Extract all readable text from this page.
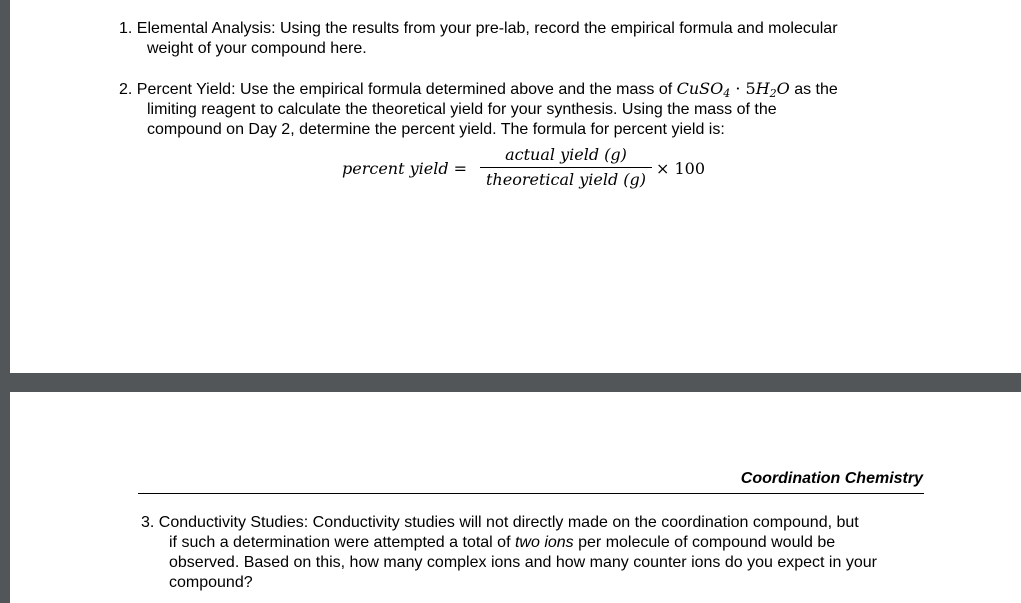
1. Elemental Analysis: Using the results from your pre-lab, record the empirical formula and molecular
weight of your compound here.
2. Percent Yield: Use the empirical formula determined above and the mass of CuSO$_4$ · $5H_2O$ as the
limiting reagent to calculate the theoretical yield for your synthesis. Using the mass of the
compound on Day 2, determine the percent yield. The formula for percent yield is:
percent yield =
actual yield (g)
theoretical yield (g)
× 100
Coordination Chemistry
3. Conductivity Studies: Conductivity studies will not directly made on the coordination compound, but
if such a determination were attempted a total of two ions per molecule of compound would be
observed. Based on this, how many complex ions and how many counter ions do you expect in your
compound?
